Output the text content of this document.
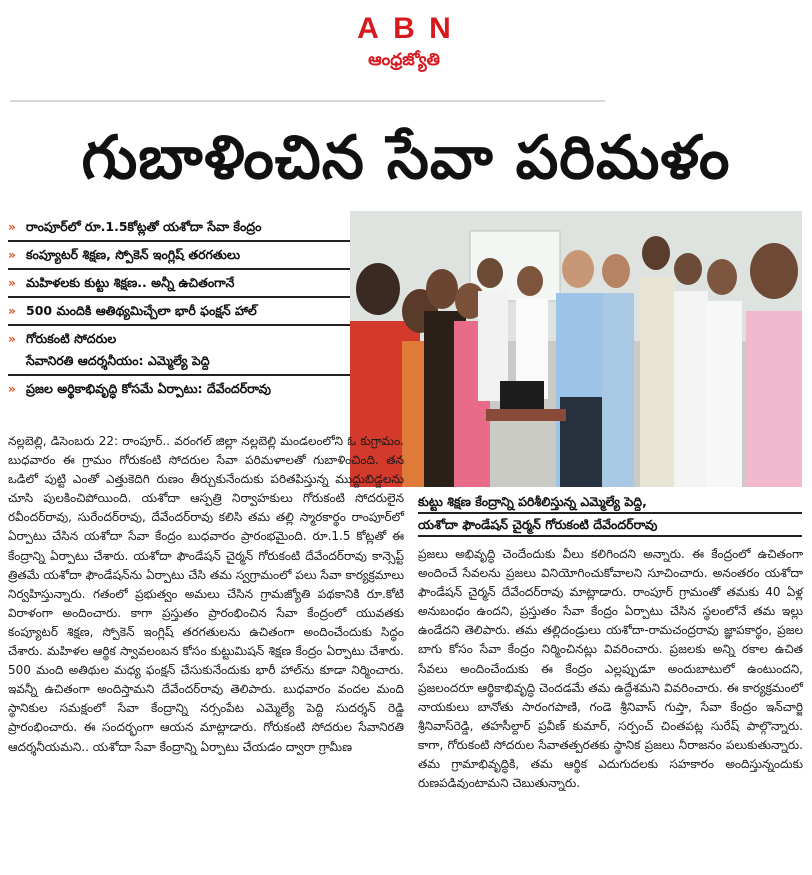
A B N
ఆంధ్రజ్యోతి
గుబాళించిన సేవా పరిమళం
» రాంపూర్‌లో రూ.1.5కోట్లతో యశోదా సేవా కేంద్రం
» కంప్యూటర్ శిక్షణ, స్పోకెన్ ఇంగ్లిష్ తరగతులు
» మహిళలకు కుట్టు శిక్షణ.. అన్నీ ఉచితంగానే
» 500 మందికి ఆతిథ్యమిచ్చేలా భారీ ఫంక్షన్ హాల్
» గోరుకంటి సోదరుల
సేవానిరతి ఆదర్శనీయం: ఎమ్మెల్యే పెద్ది
» ప్రజల అర్థికాభివృద్ధి కోసమే ఏర్పాటు: దేవేందర్‌రావు
కుట్టు శిక్షణ కేంద్రాన్ని పరిశీలిస్తున్న ఎమ్మెల్యే పెద్ది,
యశోదా ఫౌండేషన్ చైర్మన్ గోరుకంటి దేవేందర్‌రావు

నల్లబెల్లి, డిసెంబరు 22: రాంపూర్.. వరంగల్ జిల్లా నల్లబెల్లి మండలంలోని ఓ కుగ్రామం. బుధవారం ఈ గ్రామం గోరుకంటి సోదరుల సేవా పరిమళాలతో గుబాళించింది. తన ఒడిలో పుట్టి ఎంతో ఎత్తుకెదిగి రుణం తీర్చుకునేందుకు పరితపిస్తున్న ముద్దుబిడ్డలను చూసి పులకించిపోయింది. యశోదా ఆస్పత్రి నిర్వాహకులు గోరుకంటి సోదరులైన రవీందర్‌రావు, సురేందర్‌రావు, దేవేందర్‌రావు కలిసి తమ తల్లి స్మారకార్థం రాంపూర్‌లో ఏర్పాటు చేసిన యశోదా సేవా కేంద్రం బుధవారం ప్రారంభమైంది. రూ.1.5 కోట్లతో ఈ కేంద్రాన్ని ఏర్పాటు చేశారు. యశోదా ఫౌండేషన్ చైర్మన్ గోరుకంటి దేవేందర్‌రావు కాన్సెప్ట్ త్రితమే యశోదా ఫౌండేషన్‌ను ఏర్పాటు చేసి తమ స్వగ్రామంలో పలు సేవా కార్యక్రమాలు నిర్వహిస్తున్నారు. గతంలో ప్రభుత్వం అమలు చేసిన గ్రామజ్యోతి పథకానికి రూ.కోటి విరాళంగా అందించారు. కాగా ప్రస్తుతం ప్రారంభించిన సేవా కేంద్రంలో యువతకు కంప్యూటర్ శిక్షణ, స్పోకెన్ ఇంగ్లిష్ తరగతులను ఉచితంగా అందించేందుకు సిద్ధం చేశారు. మహిళల ఆర్థిక స్వావలంబన కోసం కుట్టుమిషన్ శిక్షణ కేంద్రం ఏర్పాటు చేశారు. 500 మంది అతిథుల మధ్య ఫంక్షన్ చేసుకునేందుకు భారీ హాల్‌ను కూడా నిర్మించారు. ఇవన్నీ ఉచితంగా అందిస్తామని దేవేందర్‌రావు తెలిపారు. బుధవారం వందల మంది స్థానికుల సమక్షంలో సేవా కేంద్రాన్ని నర్సంపేట ఎమ్మెల్యే పెద్ది సుదర్శన్ రెడ్డి ప్రారంభించారు. ఈ సందర్భంగా ఆయన మాట్లాడారు. గోరుకంటి సోదరుల సేవానిరతి ఆదర్శనీయమని.. యశోదా సేవా కేంద్రాన్ని ఏర్పాటు చేయడం ద్వారా గ్రామీణ

ప్రజలు అభివృద్ధి చెందేందుకు వీలు కలిగిందని అన్నారు. ఈ కేంద్రంలో ఉచితంగా అందించే సేవలను ప్రజలు వినియోగించుకోవాలని సూచించారు. అనంతరం యశోదా ఫౌండేషన్ చైర్మన్ దేవేందర్‌రావు మాట్లాడారు. రాంపూర్ గ్రామంతో తమకు 40 ఏళ్ల అనుబంధం ఉందని, ప్రస్తుతం సేవా కేంద్రం ఏర్పాటు చేసిన స్థలంలోనే తమ ఇల్లు ఉండేదని తెలిపారు. తమ తల్లిదండ్రులు యశోదా-రామచంద్రరావు జ్ఞాపకార్థం, ప్రజల బాగు కోసం సేవా కేంద్రం నిర్మించినట్లు వివరించారు. ప్రజలకు అన్ని రకాల ఉచిత సేవలు అందించేందుకు ఈ కేంద్రం ఎల్లప్పుడూ అందుబాటులో ఉంటుందని, ప్రజలందరూ ఆర్థికాభివృద్ధి చెందడమే తమ ఉద్దేశమని వివరించారు. ఈ కార్యక్రమంలో నాయకులు బానోతు సారంగపాణి, గండె శ్రీనివాస్ గుప్తా, సేవా కేంద్రం ఇన్‌చార్జి శ్రీనివాస్‌రెడ్డి, తహసీల్దార్ ప్రవీణ్ కుమార్, సర్పంచ్ చింతపట్ల సురేష్ పాల్గొన్నారు. కాగా, గోరుకంటి సోదరుల సేవాతత్పరతకు స్థానిక ప్రజలు నీరాజనం పలుకుతున్నారు. తమ గ్రామాభివృద్ధికి, తమ ఆర్థిక ఎదుగుదలకు సహకారం అందిస్తున్నందుకు రుణపడివుంటామని చెబుతున్నారు.
